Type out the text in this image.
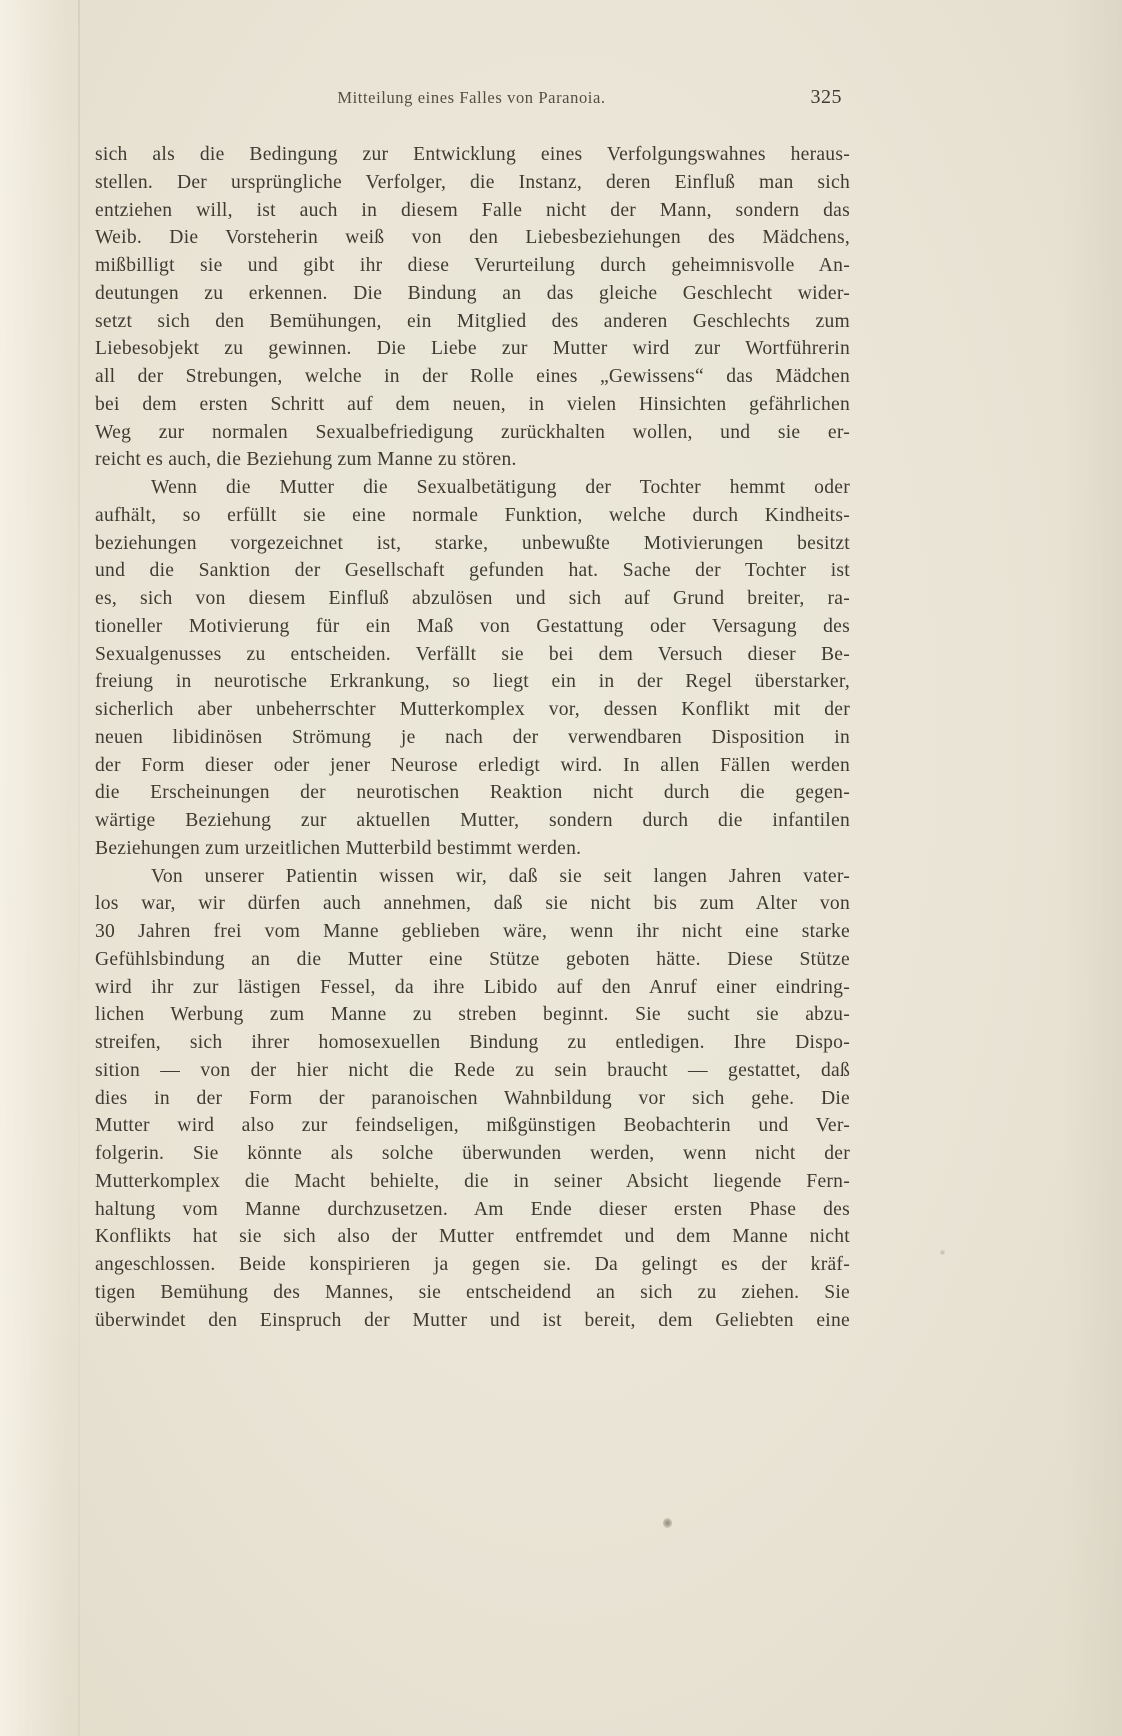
Mitteilung eines Falles von Paranoia.	325
sich als die Bedingung zur Entwicklung eines Verfolgungswahnes heraus-
stellen. Der ursprüngliche Verfolger, die Instanz, deren Einfluß man sich
entziehen will, ist auch in diesem Falle nicht der Mann, sondern das
Weib. Die Vorsteherin weiß von den Liebesbeziehungen des Mädchens,
mißbilligt sie und gibt ihr diese Verurteilung durch geheimnisvolle An-
deutungen zu erkennen. Die Bindung an das gleiche Geschlecht wider-
setzt sich den Bemühungen, ein Mitglied des anderen Geschlechts zum
Liebesobjekt zu gewinnen. Die Liebe zur Mutter wird zur Wortführerin
all der Strebungen, welche in der Rolle eines „Gewissens“ das Mädchen
bei dem ersten Schritt auf dem neuen, in vielen Hinsichten gefährlichen
Weg zur normalen Sexualbefriedigung zurückhalten wollen, und sie er-
reicht es auch, die Beziehung zum Manne zu stören.
Wenn die Mutter die Sexualbetätigung der Tochter hemmt oder
aufhält, so erfüllt sie eine normale Funktion, welche durch Kindheits-
beziehungen vorgezeichnet ist, starke, unbewußte Motivierungen besitzt
und die Sanktion der Gesellschaft gefunden hat. Sache der Tochter ist
es, sich von diesem Einfluß abzulösen und sich auf Grund breiter, ra-
tioneller Motivierung für ein Maß von Gestattung oder Versagung des
Sexualgenusses zu entscheiden. Verfällt sie bei dem Versuch dieser Be-
freiung in neurotische Erkrankung, so liegt ein in der Regel überstarker,
sicherlich aber unbeherrschter Mutterkomplex vor, dessen Konflikt mit der
neuen libidinösen Strömung je nach der verwendbaren Disposition in
der Form dieser oder jener Neurose erledigt wird. In allen Fällen werden
die Erscheinungen der neurotischen Reaktion nicht durch die gegen-
wärtige Beziehung zur aktuellen Mutter, sondern durch die infantilen
Beziehungen zum urzeitlichen Mutterbild bestimmt werden.
Von unserer Patientin wissen wir, daß sie seit langen Jahren vater-
los war, wir dürfen auch annehmen, daß sie nicht bis zum Alter von
30 Jahren frei vom Manne geblieben wäre, wenn ihr nicht eine starke
Gefühlsbindung an die Mutter eine Stütze geboten hätte. Diese Stütze
wird ihr zur lästigen Fessel, da ihre Libido auf den Anruf einer eindring-
lichen Werbung zum Manne zu streben beginnt. Sie sucht sie abzu-
streifen, sich ihrer homosexuellen Bindung zu entledigen. Ihre Dispo-
sition — von der hier nicht die Rede zu sein braucht — gestattet, daß
dies in der Form der paranoischen Wahnbildung vor sich gehe. Die
Mutter wird also zur feindseligen, mißgünstigen Beobachterin und Ver-
folgerin. Sie könnte als solche überwunden werden, wenn nicht der
Mutterkomplex die Macht behielte, die in seiner Absicht liegende Fern-
haltung vom Manne durchzusetzen. Am Ende dieser ersten Phase des
Konflikts hat sie sich also der Mutter entfremdet und dem Manne nicht
angeschlossen. Beide konspirieren ja gegen sie. Da gelingt es der kräf-
tigen Bemühung des Mannes, sie entscheidend an sich zu ziehen. Sie
überwindet den Einspruch der Mutter und ist bereit, dem Geliebten eine
